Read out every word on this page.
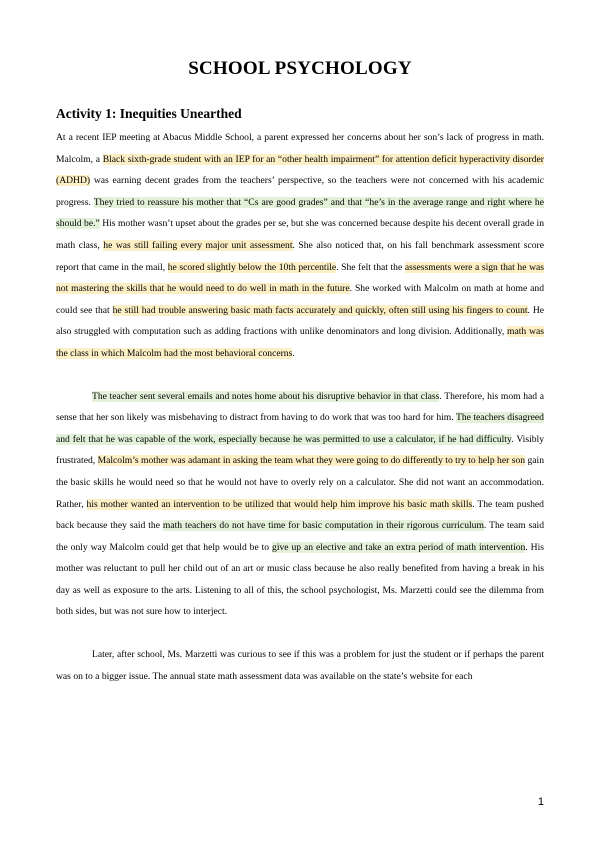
SCHOOL PSYCHOLOGY
Activity 1: Inequities Unearthed

At a recent IEP meeting at Abacus Middle School, a parent expressed her concerns about her son’s lack of progress in math. Malcolm, a Black sixth-grade student with an IEP for an “other health impairment” for attention deficit hyperactivity disorder (ADHD) was earning decent grades from the teachers’ perspective, so the teachers were not concerned with his academic progress. They tried to reassure his mother that “Cs are good grades” and that “he’s in the average range and right where he should be.” His mother wasn’t upset about the grades per se, but she was concerned because despite his decent overall grade in math class, he was still failing every major unit assessment. She also noticed that, on his fall benchmark assessment score report that came in the mail, he scored slightly below the 10th percentile. She felt that the assessments were a sign that he was not mastering the skills that he would need to do well in math in the future. She worked with Malcolm on math at home and could see that he still had trouble answering basic math facts accurately and quickly, often still using his fingers to count. He also struggled with computation such as adding fractions with unlike denominators and long division. Additionally, math was the class in which Malcolm had the most behavioral concerns.

The teacher sent several emails and notes home about his disruptive behavior in that class. Therefore, his mom had a sense that her son likely was misbehaving to distract from having to do work that was too hard for him. The teachers disagreed and felt that he was capable of the work, especially because he was permitted to use a calculator, if he had difficulty. Visibly frustrated, Malcolm’s mother was adamant in asking the team what they were going to do differently to try to help her son gain the basic skills he would need so that he would not have to overly rely on a calculator. She did not want an accommodation. Rather, his mother wanted an intervention to be utilized that would help him improve his basic math skills. The team pushed back because they said the math teachers do not have time for basic computation in their rigorous curriculum. The team said the only way Malcolm could get that help would be to give up an elective and take an extra period of math intervention. His mother was reluctant to pull her child out of an art or music class because he also really benefited from having a break in his day as well as exposure to the arts. Listening to all of this, the school psychologist, Ms. Marzetti could see the dilemma from both sides, but was not sure how to interject.

Later, after school, Ms. Marzetti was curious to see if this was a problem for just the student or if perhaps the parent was on to a bigger issue. The annual state math assessment data was available on the state’s website for each

1
